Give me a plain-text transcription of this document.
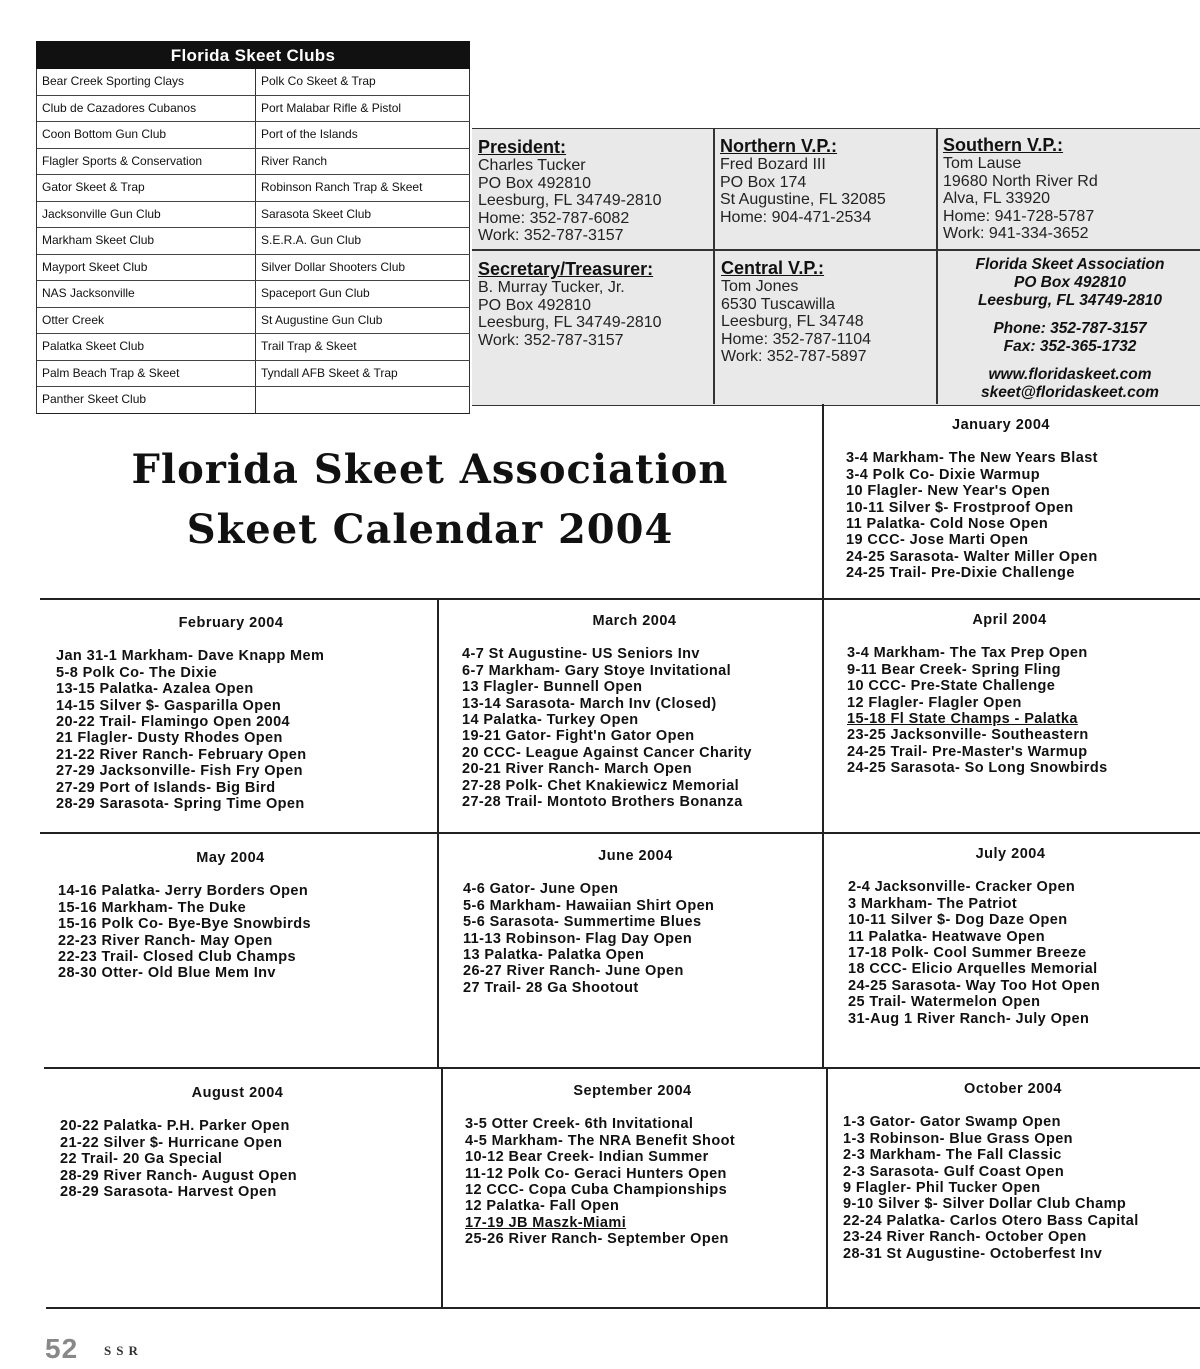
Florida Skeet Clubs
Bear Creek Sporting Clays	Polk Co Skeet & Trap
Club de Cazadores Cubanos	Port Malabar Rifle & Pistol
Coon Bottom Gun Club	Port of the Islands
Flagler Sports & Conservation	River Ranch
Gator Skeet & Trap	Robinson Ranch Trap & Skeet
Jacksonville Gun Club	Sarasota Skeet Club
Markham Skeet Club	S.E.R.A. Gun Club
Mayport Skeet Club	Silver Dollar Shooters Club
NAS Jacksonville	Spaceport Gun Club
Otter Creek	St Augustine Gun Club
Palatka Skeet Club	Trail Trap & Skeet
Palm Beach Trap & Skeet	Tyndall AFB Skeet & Trap
Panther Skeet Club
President:
Charles Tucker
PO Box 492810
Leesburg, FL 34749-2810
Home: 352-787-6082
Work: 352-787-3157
Northern V.P.:
Fred Bozard III
PO Box 174
St Augustine, FL 32085
Home: 904-471-2534
Southern V.P.:
Tom Lause
19680 North River Rd
Alva, FL 33920
Home: 941-728-5787
Work: 941-334-3652
Secretary/Treasurer:
B. Murray Tucker, Jr.
PO Box 492810
Leesburg, FL 34749-2810
Work: 352-787-3157
Central V.P.:
Tom Jones
6530 Tuscawilla
Leesburg, FL 34748
Home: 352-787-1104
Work: 352-787-5897
Florida Skeet Association
PO Box 492810
Leesburg, FL 34749-2810
Phone: 352-787-3157
Fax: 352-365-1732
www.floridaskeet.com
skeet@floridaskeet.com
Florida Skeet Association
Skeet Calendar 2004
January 2004
3-4 Markham- The New Years Blast
3-4 Polk Co- Dixie Warmup
10 Flagler- New Year's Open
10-11 Silver $- Frostproof Open
11 Palatka- Cold Nose Open
19 CCC- Jose Marti Open
24-25 Sarasota- Walter Miller Open
24-25 Trail- Pre-Dixie Challenge
February 2004
Jan 31-1 Markham- Dave Knapp Mem
5-8 Polk Co- The Dixie
13-15 Palatka- Azalea Open
14-15 Silver $- Gasparilla Open
20-22 Trail- Flamingo Open 2004
21 Flagler- Dusty Rhodes Open
21-22 River Ranch- February Open
27-29 Jacksonville- Fish Fry Open
27-29 Port of Islands- Big Bird
28-29 Sarasota- Spring Time Open
March 2004
4-7 St Augustine- US Seniors Inv
6-7 Markham- Gary Stoye Invitational
13 Flagler- Bunnell Open
13-14 Sarasota- March Inv (Closed)
14 Palatka- Turkey Open
19-21 Gator- Fight'n Gator Open
20 CCC- League Against Cancer Charity
20-21 River Ranch- March Open
27-28 Polk- Chet Knakiewicz Memorial
27-28 Trail- Montoto Brothers Bonanza
April 2004
3-4 Markham- The Tax Prep Open
9-11 Bear Creek- Spring Fling
10 CCC- Pre-State Challenge
12 Flagler- Flagler Open
15-18 Fl State Champs - Palatka
23-25 Jacksonville- Southeastern
24-25 Trail- Pre-Master's Warmup
24-25 Sarasota- So Long Snowbirds
May 2004
14-16 Palatka- Jerry Borders Open
15-16 Markham- The Duke
15-16 Polk Co- Bye-Bye Snowbirds
22-23 River Ranch- May Open
22-23 Trail- Closed Club Champs
28-30 Otter- Old Blue Mem Inv
June 2004
4-6 Gator- June Open
5-6 Markham- Hawaiian Shirt Open
5-6 Sarasota- Summertime Blues
11-13 Robinson- Flag Day Open
13 Palatka- Palatka Open
26-27 River Ranch- June Open
27 Trail- 28 Ga Shootout
July 2004
2-4 Jacksonville- Cracker Open
3 Markham- The Patriot
10-11 Silver $- Dog Daze Open
11 Palatka- Heatwave Open
17-18 Polk- Cool Summer Breeze
18 CCC- Elicio Arquelles Memorial
24-25 Sarasota- Way Too Hot Open
25 Trail- Watermelon Open
31-Aug 1 River Ranch- July Open
August 2004
20-22 Palatka- P.H. Parker Open
21-22 Silver $- Hurricane Open
22 Trail- 20 Ga Special
28-29 River Ranch- August Open
28-29 Sarasota- Harvest Open
September 2004
3-5 Otter Creek- 6th Invitational
4-5 Markham- The NRA Benefit Shoot
10-12 Bear Creek- Indian Summer
11-12 Polk Co- Geraci Hunters Open
12 CCC- Copa Cuba Championships
12 Palatka- Fall Open
17-19 JB Maszk-Miami
25-26 River Ranch- September Open
October 2004
1-3 Gator- Gator Swamp Open
1-3 Robinson- Blue Grass Open
2-3 Markham- The Fall Classic
2-3 Sarasota- Gulf Coast Open
9 Flagler- Phil Tucker Open
9-10 Silver $- Silver Dollar Club Champ
22-24 Palatka- Carlos Otero Bass Capital
23-24 River Ranch- October Open
28-31 St Augustine- Octoberfest Inv
52 SSR
